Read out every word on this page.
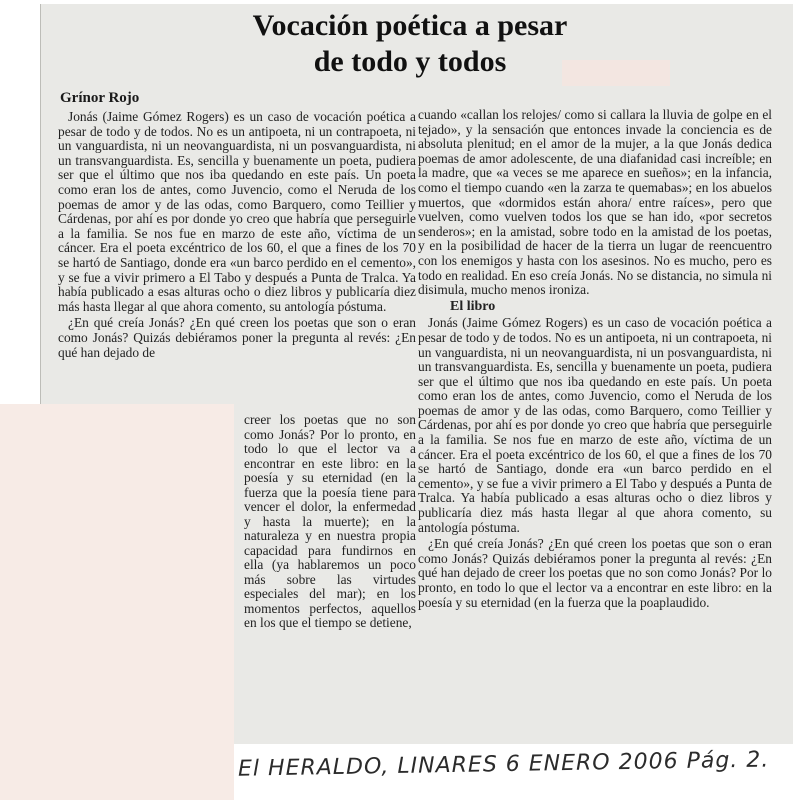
Vocación poética a pesar
de todo y todos

Grínor Rojo

Jonás (Jaime Gómez Rogers) es un caso de vocación poética a pesar de todo y de todos. No es un antipoeta, ni un contrapoeta, ni un vanguardista, ni un neovanguardista, ni un posvanguardista, ni un transvanguardista. Es, sencilla y buenamente un poeta, pudiera ser que el último que nos iba quedando en este país. Un poeta como eran los de antes, como Juvencio, como el Neruda de los poemas de amor y de las odas, como Barquero, como Teillier y Cárdenas, por ahí es por donde yo creo que habría que perseguirle a la familia. Se nos fue en marzo de este año, víctima de un cáncer. Era el poeta excéntrico de los 60, el que a fines de los 70 se hartó de Santiago, donde era «un barco perdido en el cemento», y se fue a vivir primero a El Tabo y después a Punta de Tralca. Ya había publicado a esas alturas ocho o diez libros y publicaría diez más hasta llegar al que ahora comento, su antología póstuma.

¿En qué creía Jonás? ¿En qué creen los poetas que son o eran como Jonás? Quizás debiéramos poner la pregunta al revés: ¿En qué han dejado de

creer los poetas que no son como Jonás? Por lo pronto, en todo lo que el lector va a encontrar en este libro: en la poesía y su eternidad (en la fuerza que la poesía tiene para vencer el dolor, la enfermedad y hasta la muerte); en la naturaleza y en nuestra propia capacidad para fundirnos en ella (ya hablaremos un poco más sobre las virtudes especiales del mar); en los momentos perfectos, aquellos en los que el tiempo se detiene,

cuando «callan los relojes/ como si callara la lluvia de golpe en el tejado», y la sensación que entonces invade la conciencia es de absoluta plenitud; en el amor de la mujer, a la que Jonás dedica poemas de amor adolescente, de una diafanidad casi increíble; en la madre, que «a veces se me aparece en sueños»; en la infancia, como el tiempo cuando «en la zarza te quemabas»; en los abuelos muertos, que «dormidos están ahora/ entre raíces», pero que vuelven, como vuelven todos los que se han ido, «por secretos senderos»; en la amistad, sobre todo en la amistad de los poetas, y en la posibilidad de hacer de la tierra un lugar de reencuentro con los enemigos y hasta con los asesinos. No es mucho, pero es todo en realidad. En eso creía Jonás. No se distancia, no simula ni disimula, mucho menos ironiza.

El libro

Jonás (Jaime Gómez Rogers) es un caso de vocación poética a pesar de todo y de todos. No es un antipoeta, ni un contrapoeta, ni un vanguardista, ni un neovanguardista, ni un posvanguardista, ni un transvanguardista. Es, sencilla y buenamente un poeta, pudiera ser que el último que nos iba quedando en este país. Un poeta como eran los de antes, como Juvencio, como el Neruda de los poemas de amor y de las odas, como Barquero, como Teillier y Cárdenas, por ahí es por donde yo creo que habría que perseguirle a la familia. Se nos fue en marzo de este año, víctima de un cáncer. Era el poeta excéntrico de los 60, el que a fines de los 70 se hartó de Santiago, donde era «un barco perdido en el cemento», y se fue a vivir primero a El Tabo y después a Punta de Tralca. Ya había publicado a esas alturas ocho o diez libros y publicaría diez más hasta llegar al que ahora comento, su antología póstuma.

¿En qué creía Jonás? ¿En qué creen los poetas que son o eran como Jonás? Quizás debiéramos poner la pregunta al revés: ¿En qué han dejado de creer los poetas que no son como Jonás? Por lo pronto, en todo lo que el lector va a encontrar en este libro: en la poesía y su eternidad (en la fuerza que la poaplaudido.

El HERALDO, LINARES 6 ENERO 2006 Pág. 2.
